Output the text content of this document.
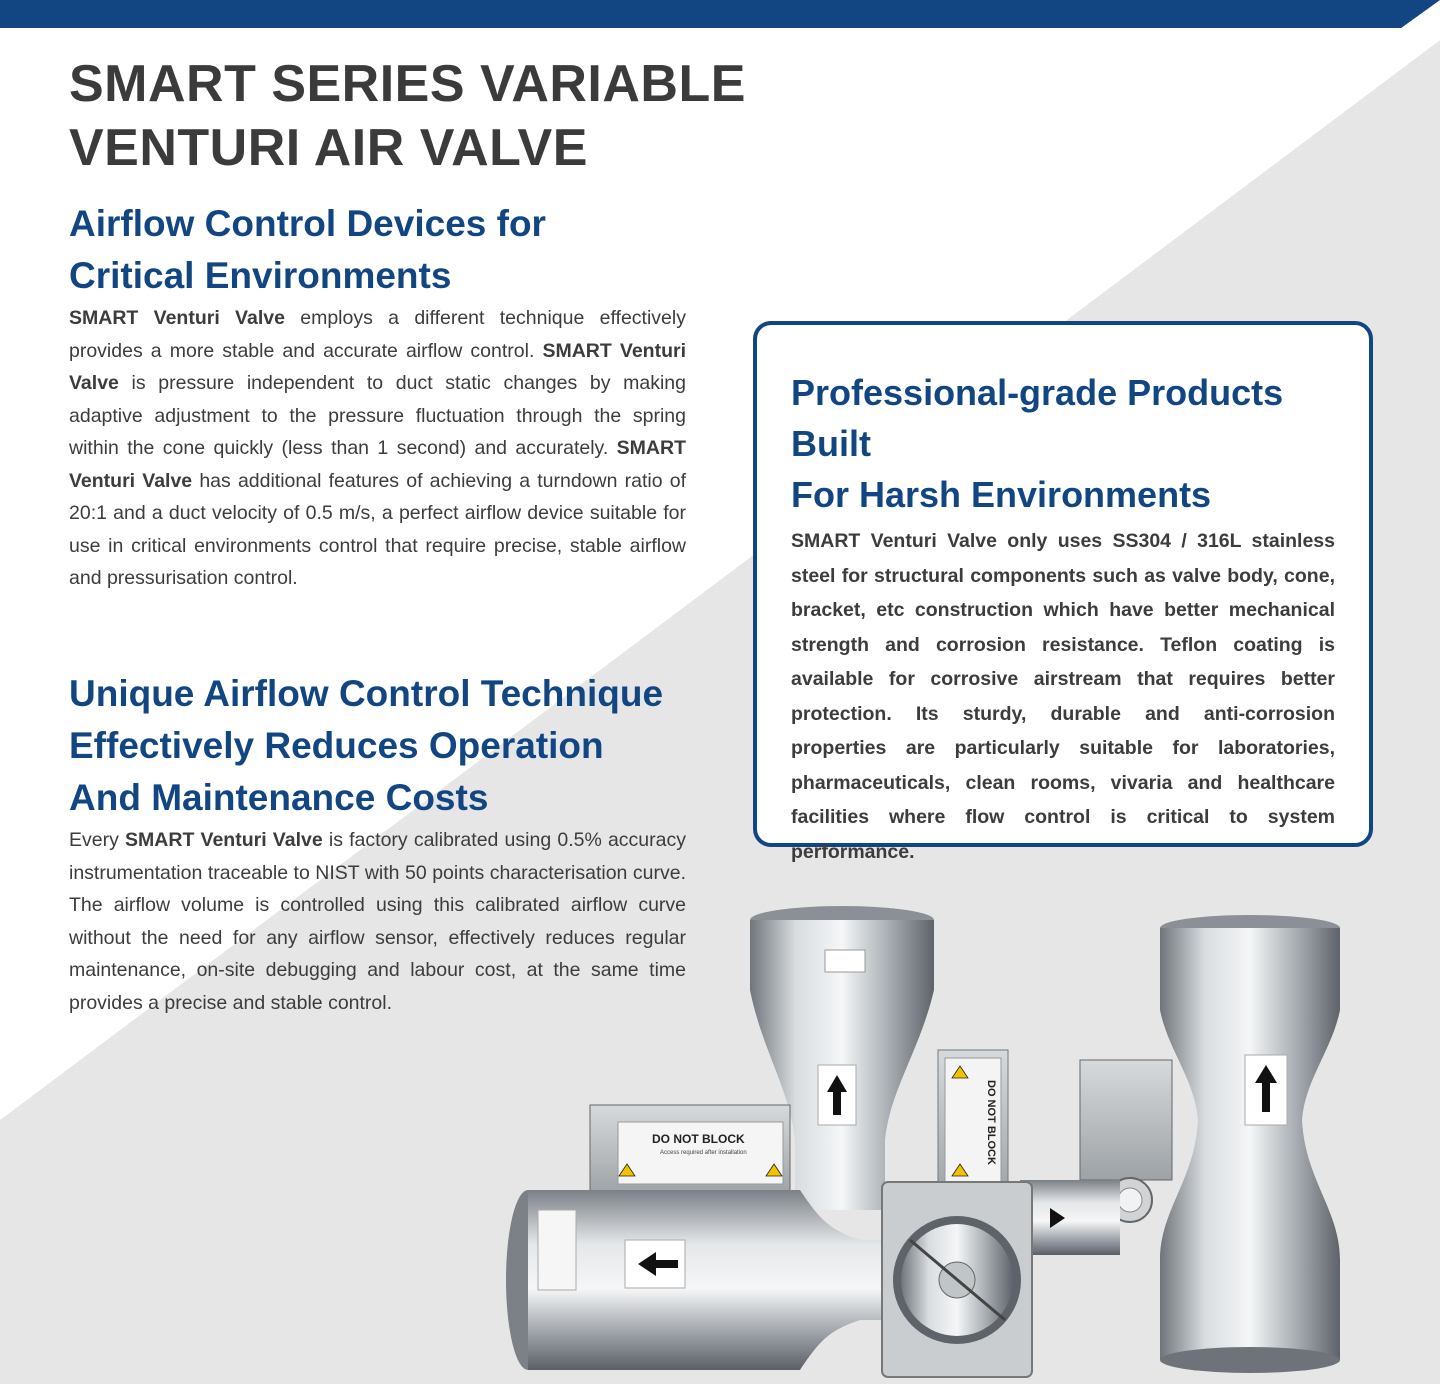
SMART SERIES VARIABLE
VENTURI AIR VALVE
Airflow Control Devices for
Critical Environments

SMART Venturi Valve employs a different technique effectively provides a more stable and accurate airflow control. SMART Venturi Valve is pressure independent to duct static changes by making adaptive adjustment to the pressure fluctuation through the spring within the cone quickly (less than 1 second) and accurately. SMART Venturi Valve has additional features of achieving a turndown ratio of 20:1 and a duct velocity of 0.5 m/s, a perfect airflow device suitable for use in critical environments control that require precise, stable airflow and pressurisation control.

Unique Airflow Control Technique
Effectively Reduces Operation
And Maintenance Costs

Every SMART Venturi Valve is factory calibrated using 0.5% accuracy instrumentation traceable to NIST with 50 points characterisation curve. The airflow volume is controlled using this calibrated airflow curve without the need for any airflow sensor, effectively reduces regular maintenance, on-site debugging and labour cost, at the same time provides a precise and stable control.

Professional-grade Products Built
For Harsh Environments

SMART Venturi Valve only uses SS304 / 316L stainless steel for structural components such as valve body, cone, bracket, etc construction which have better mechanical strength and corrosion resistance. Teflon coating is available for corrosive airstream that requires better protection. Its sturdy, durable and anti-corrosion properties are particularly suitable for laboratories, pharmaceuticals, clean rooms, vivaria and healthcare facilities where flow control is critical to system performance.

DO NOT BLOCK
DO NOT BLOCK
Access required after installation
